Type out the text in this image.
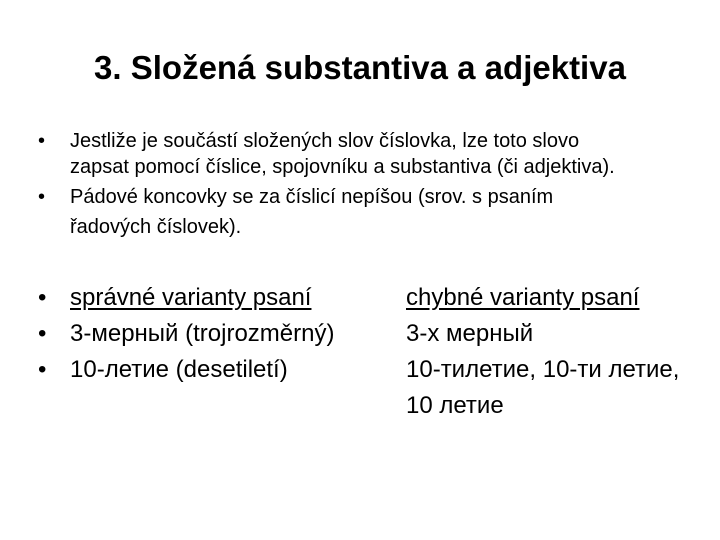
3. Složená substantiva a adjektiva
• Jestliže je součástí složených slov číslovka, lze toto slovo zapsat pomocí číslice, spojovníku a substantiva (či adjektiva).
• Pádové koncovky se za číslicí nepíšou (srov. s psaním řadových číslovek).
• správné varianty psaní	chybné varianty psaní
• 3-мерный (trojrozměrný)	3-х мерный
• 10-летие (desetiletí)	10-тилетие, 10-ти летие, 10 летие
